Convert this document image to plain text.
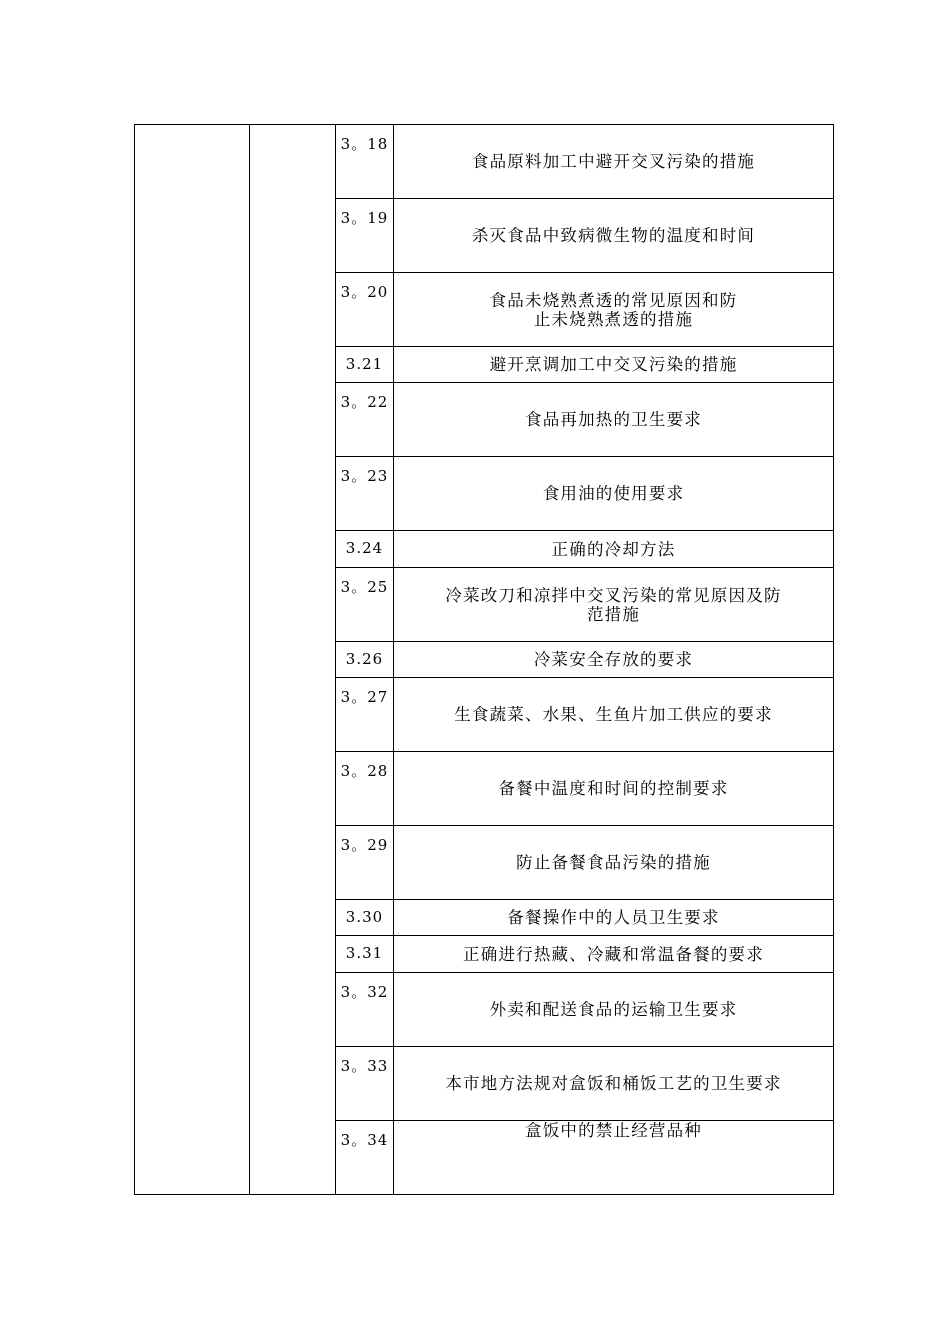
		3。18	食品原料加工中避开交叉污染的措施
		3。19	杀灭食品中致病微生物的温度和时间
		3。20	食品未烧熟煮透的常见原因和防止未烧熟煮透的措施
		3.21	避开烹调加工中交叉污染的措施
		3。22	食品再加热的卫生要求
		3。23	食用油的使用要求
		3.24	正确的冷却方法
		3。25	冷菜改刀和凉拌中交叉污染的常见原因及防范措施
		3.26	冷菜安全存放的要求
		3。27	生食蔬菜、水果、生鱼片加工供应的要求
		3。28	备餐中温度和时间的控制要求
		3。29	防止备餐食品污染的措施
		3.30	备餐操作中的人员卫生要求
		3.31	正确进行热藏、冷藏和常温备餐的要求
		3。32	外卖和配送食品的运输卫生要求
		3。33	本市地方法规对盒饭和桶饭工艺的卫生要求
		3。34	盒饭中的禁止经营品种
